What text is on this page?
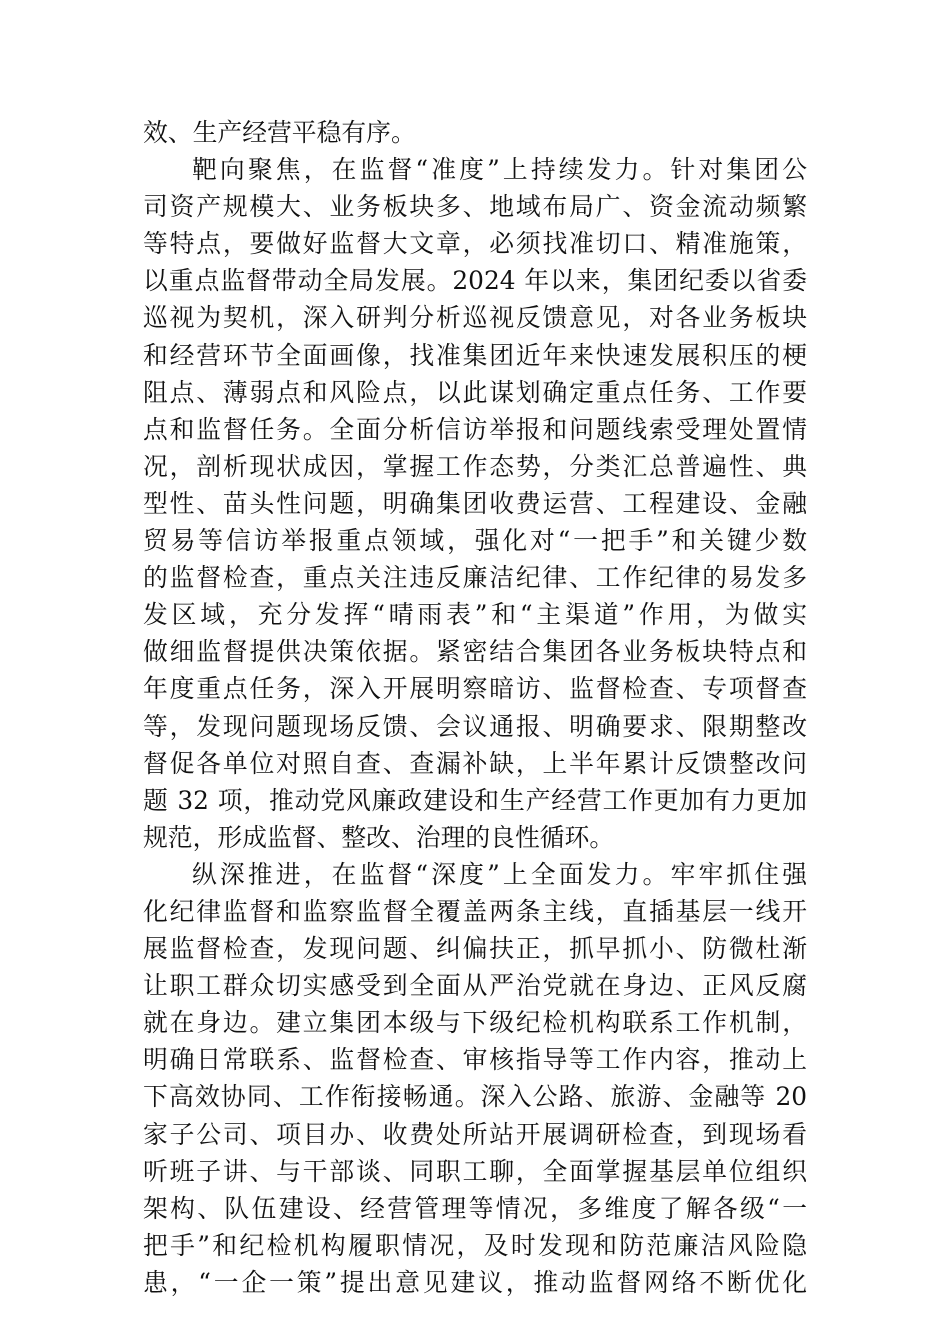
效、生产经营平稳有序。
靶向聚焦，在监督“准度”上持续发力。针对集团公
司资产规模大、业务板块多、地域布局广、资金流动频繁
等特点，要做好监督大文章，必须找准切口、精准施策，
以重点监督带动全局发展。2024 年以来，集团纪委以省委
巡视为契机，深入研判分析巡视反馈意见，对各业务板块
和经营环节全面画像，找准集团近年来快速发展积压的梗
阻点、薄弱点和风险点，以此谋划确定重点任务、工作要
点和监督任务。全面分析信访举报和问题线索受理处置情
况，剖析现状成因，掌握工作态势，分类汇总普遍性、典
型性、苗头性问题，明确集团收费运营、工程建设、金融
贸易等信访举报重点领域，强化对“一把手”和关键少数
的监督检查，重点关注违反廉洁纪律、工作纪律的易发多
发区域，充分发挥“晴雨表”和“主渠道”作用，为做实
做细监督提供决策依据。紧密结合集团各业务板块特点和
年度重点任务，深入开展明察暗访、监督检查、专项督查
等，发现问题现场反馈、会议通报、明确要求、限期整改
督促各单位对照自查、查漏补缺，上半年累计反馈整改问
题 32 项，推动党风廉政建设和生产经营工作更加有力更加
规范，形成监督、整改、治理的良性循环。
纵深推进，在监督“深度”上全面发力。牢牢抓住强
化纪律监督和监察监督全覆盖两条主线，直插基层一线开
展监督检查，发现问题、纠偏扶正，抓早抓小、防微杜渐
让职工群众切实感受到全面从严治党就在身边、正风反腐
就在身边。建立集团本级与下级纪检机构联系工作机制，
明确日常联系、监督检查、审核指导等工作内容，推动上
下高效协同、工作衔接畅通。深入公路、旅游、金融等 20
家子公司、项目办、收费处所站开展调研检查，到现场看
听班子讲、与干部谈、同职工聊，全面掌握基层单位组织
架构、队伍建设、经营管理等情况，多维度了解各级“一
把手”和纪检机构履职情况，及时发现和防范廉洁风险隐
患，“一企一策”提出意见建议，推动监督网络不断优化
